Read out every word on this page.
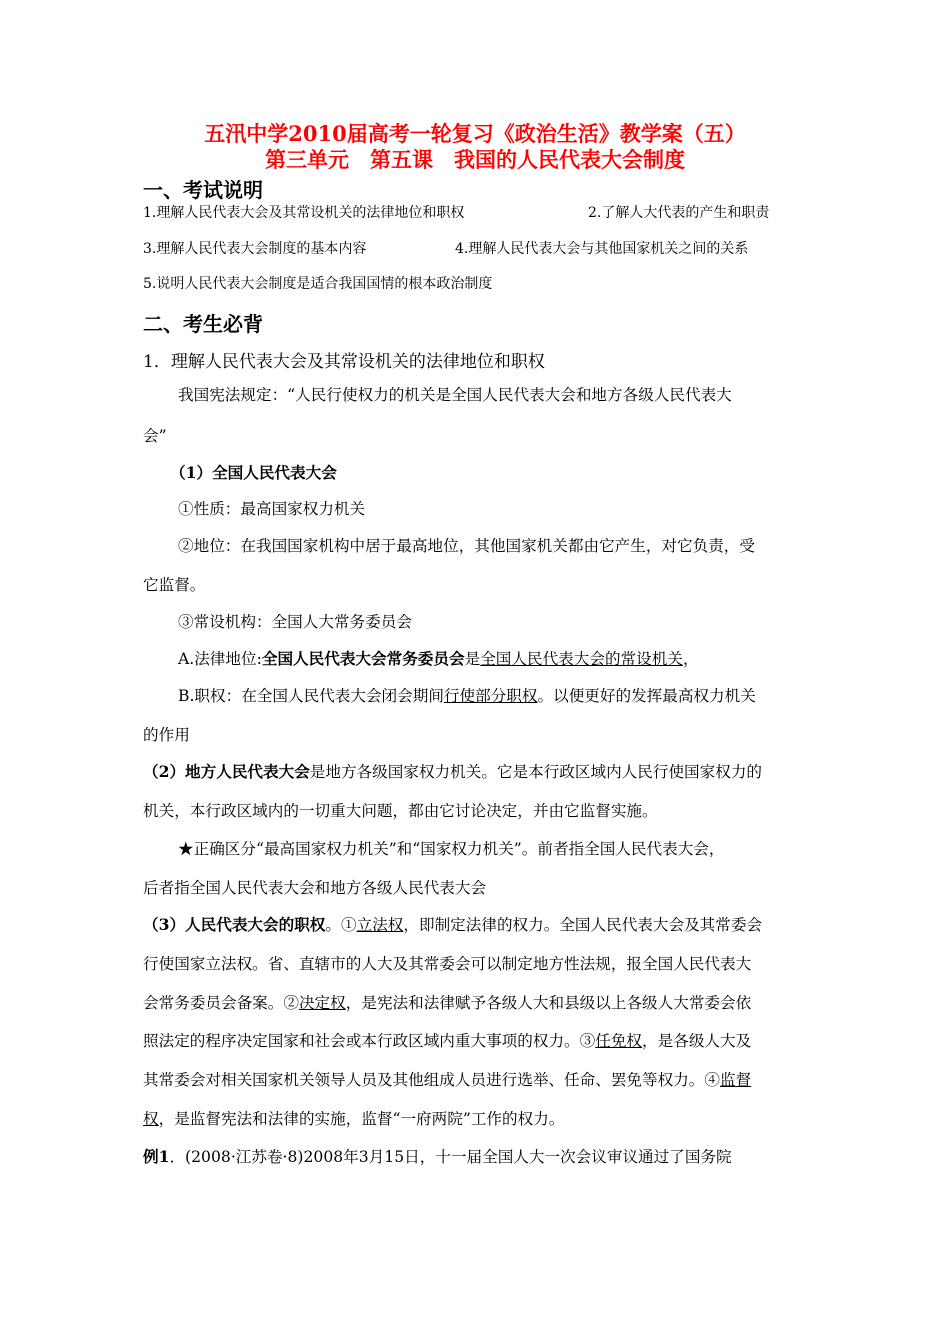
五汛中学2010届高考一轮复习《政治生活》教学案（五）
第三单元　第五课　我国的人民代表大会制度
一、考试说明
1.理解人民代表大会及其常设机关的法律地位和职权	2.了解人大代表的产生和职责
3.理解人民代表大会制度的基本内容	4.理解人民代表大会与其他国家机关之间的关系
5.说明人民代表大会制度是适合我国国情的根本政治制度
二、考生必背
1．理解人民代表大会及其常设机关的法律地位和职权
我国宪法规定：“人民行使权力的机关是全国人民代表大会和地方各级人民代表大
会”
（1）全国人民代表大会
①性质：最高国家权力机关
②地位：在我国国家机构中居于最高地位，其他国家机关都由它产生，对它负责，受
它监督。
③常设机构：全国人大常务委员会
A.法律地位:全国人民代表大会常务委员会是全国人民代表大会的常设机关，
B.职权：在全国人民代表大会闭会期间行使部分职权。以便更好的发挥最高权力机关
的作用
（2）地方人民代表大会是地方各级国家权力机关。它是本行政区域内人民行使国家权力的
机关，本行政区域内的一切重大问题，都由它讨论决定，并由它监督实施。
★正确区分“最高国家权力机关”和“国家权力机关”。前者指全国人民代表大会，
后者指全国人民代表大会和地方各级人民代表大会
（3）人民代表大会的职权。①立法权，即制定法律的权力。全国人民代表大会及其常委会
行使国家立法权。省、直辖市的人大及其常委会可以制定地方性法规，报全国人民代表大
会常务委员会备案。②决定权，是宪法和法律赋予各级人大和县级以上各级人大常委会依
照法定的程序决定国家和社会或本行政区域内重大事项的权力。③任免权，是各级人大及
其常委会对相关国家机关领导人员及其他组成人员进行选举、任命、罢免等权力。④监督
权，是监督宪法和法律的实施，监督“一府两院”工作的权力。
例1．(2008·江苏卷·8)2008年3月15日，十一届全国人大一次会议审议通过了国务院
